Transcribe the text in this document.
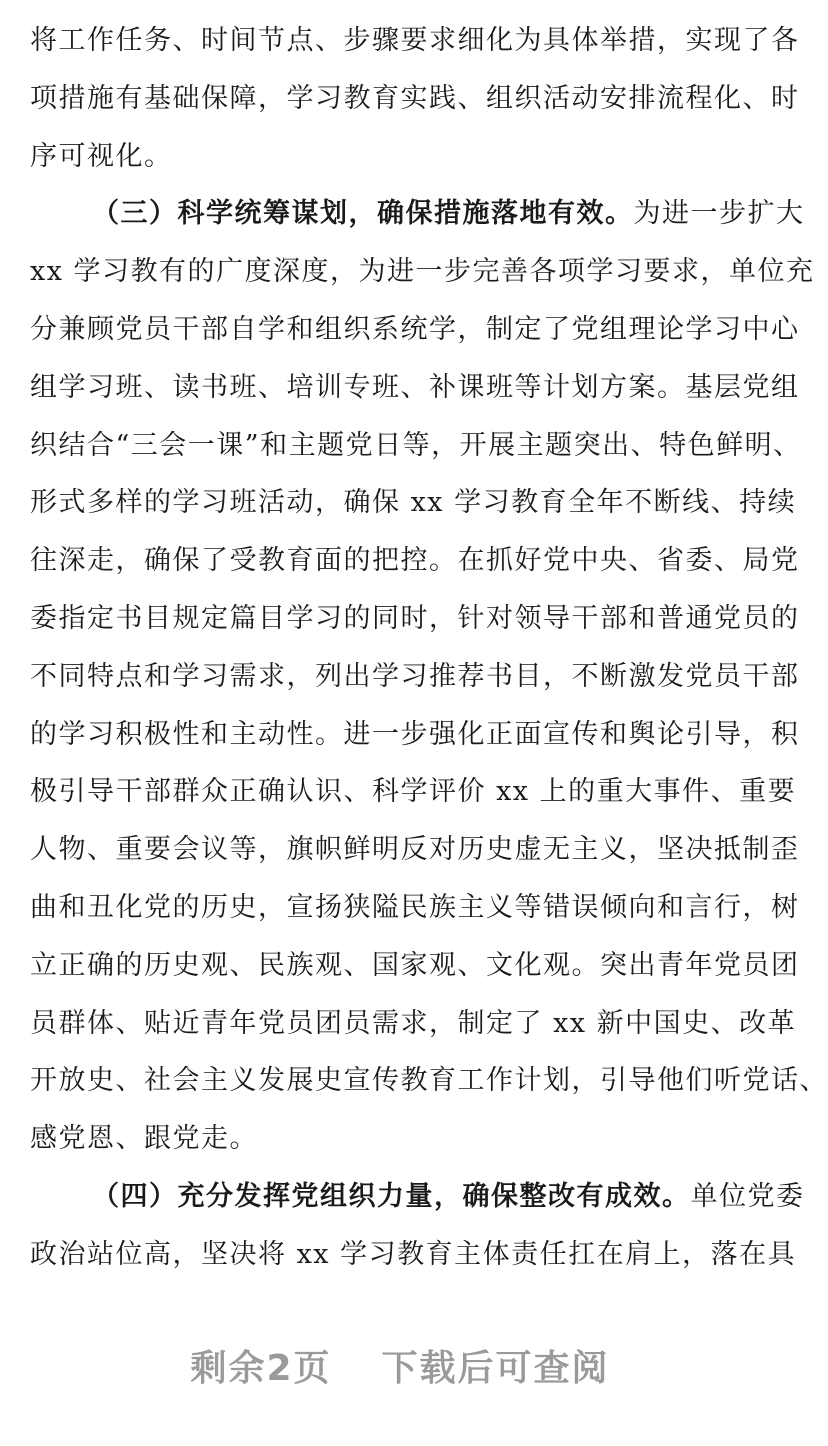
将工作任务、时间节点、步骤要求细化为具体举措，实现了各
项措施有基础保障，学习教育实践、组织活动安排流程化、时
序可视化。
（三）科学统筹谋划，确保措施落地有效。为进一步扩大
xx 学习教有的广度深度，为进一步完善各项学习要求，单位充
分兼顾党员干部自学和组织系统学，制定了党组理论学习中心
组学习班、读书班、培训专班、补课班等计划方案。基层党组
织结合“三会一课”和主题党日等，开展主题突出、特色鲜明、
形式多样的学习班活动，确保 xx 学习教育全年不断线、持续
往深走，确保了受教育面的把控。在抓好党中央、省委、局党
委指定书目规定篇目学习的同时，针对领导干部和普通党员的
不同特点和学习需求，列出学习推荐书目，不断激发党员干部
的学习积极性和主动性。进一步强化正面宣传和舆论引导，积
极引导干部群众正确认识、科学评价 xx 上的重大事件、重要
人物、重要会议等，旗帜鲜明反对历史虚无主义，坚决抵制歪
曲和丑化党的历史，宣扬狭隘民族主义等错误倾向和言行，树
立正确的历史观、民族观、国家观、文化观。突出青年党员团
员群体、贴近青年党员团员需求，制定了 xx 新中国史、改革
开放史、社会主义发展史宣传教育工作计划，引导他们听党话、
感党恩、跟党走。
（四）充分发挥党组织力量，确保整改有成效。单位党委
政治站位高，坚决将 xx 学习教育主体责任扛在肩上，落在具
剩余2页 下载后可查阅
